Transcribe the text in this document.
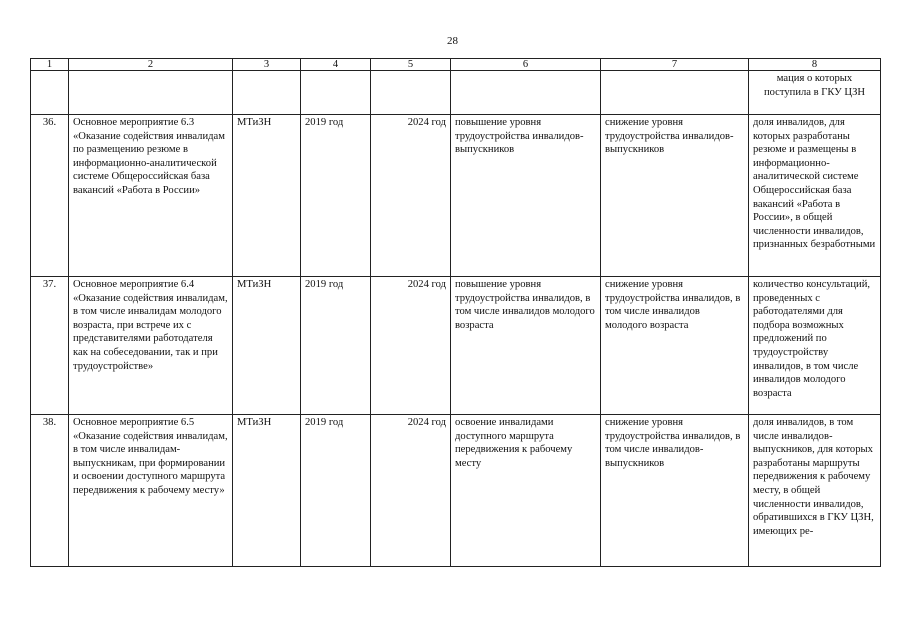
28
1	2	3	4	5	6	7	8
							мация о которых поступила в ГКУ ЦЗН
36.	Основное мероприятие 6.3 «Оказание содействия инвалидам по размещению резюме в информационно-аналитической системе Общероссийская база вакансий «Работа в России»	МТиЗН	2019 год	2024 год	повышение уровня трудоустройства инвалидов-выпускников	снижение уровня трудоустройства инвалидов-выпускников	доля инвалидов, для которых разработаны резюме и размещены в информационно-аналитической системе Общероссийская база вакансий «Работа в России», в общей численности инвалидов, признанных безработными
37.	Основное мероприятие 6.4 «Оказание содействия инвалидам, в том числе инвалидам молодого возраста, при встрече их с представителями работодателя как на собеседовании, так и при трудоустройстве»	МТиЗН	2019 год	2024 год	повышение уровня трудоустройства инвалидов, в том числе инвалидов молодого возраста	снижение уровня трудоустройства инвалидов, в том числе инвалидов молодого возраста	количество консультаций, проведенных с работодателями для подбора возможных предложений по трудоустройству инвалидов, в том числе инвалидов молодого возраста
38.	Основное мероприятие 6.5 «Оказание содействия инвалидам, в том числе инвалидам-выпускникам, при формировании и освоении доступного маршрута передвижения к рабочему месту»	МТиЗН	2019 год	2024 год	освоение инвалидами доступного маршрута передвижения к рабочему месту	снижение уровня трудоустройства инвалидов, в том числе инвалидов-выпускников	доля инвалидов, в том числе инвалидов-выпускников, для которых разработаны маршруты передвижения к рабочему месту, в общей численности инвалидов, обратившихся в ГКУ ЦЗН, имеющих ре-
